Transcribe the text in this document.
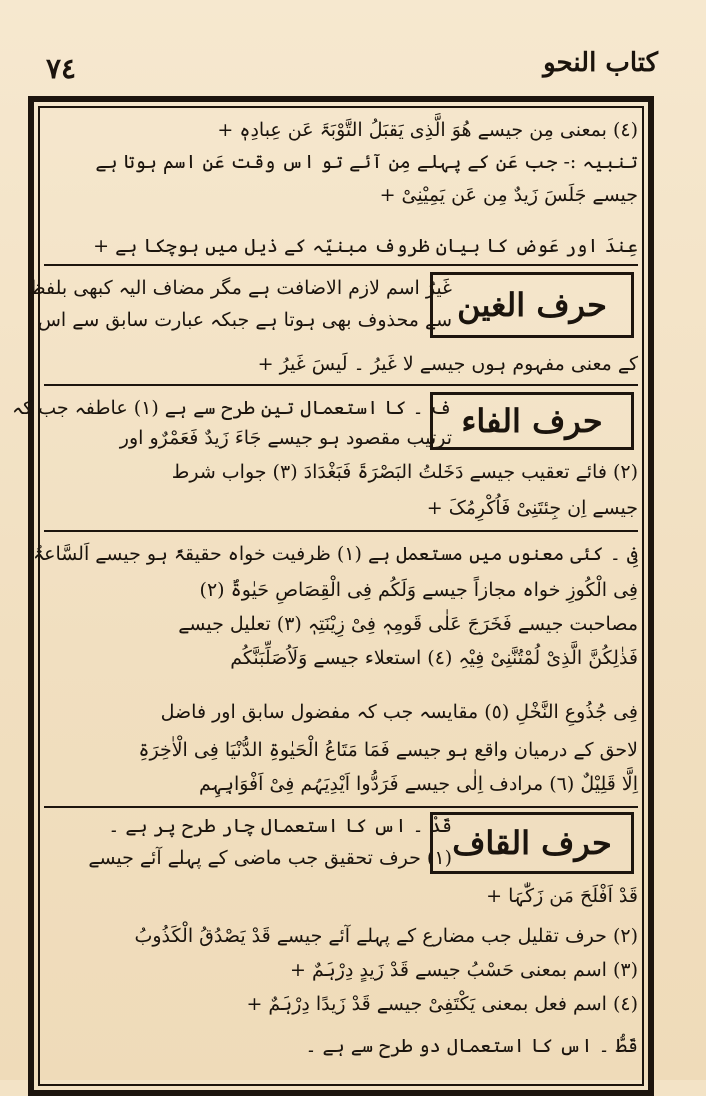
كتاب النحو
٧٤
(٤) بمعنی مِن جیسے هُوَ الَّذِی یَقبَلُ التَّوْبَۃَ عَن عِبادِہٖ +
تنبیہ :- جب عَن کے پہلے مِن آئے تو اس وقت عَن اسم ہوتا ہے
جیسے جَلَسَ زَیدٌ مِن عَن یَمِیْنِیْ +
عِندَ اور عَوض کا بیان ظروف مبنیّہ کے ذیل میں ہوچکا ہے +
حرف الغین
غَیرُ اسم لازم الاضافت ہے مگر مضاف الیہ کبھی بلفظ
سے محذوف بھی ہوتا ہے جبکہ عبارت سابق سے اس
کے معنی مفہوم ہوں جیسے لا غَیرُ ۔ لَیسَ غَیرُ +
حرف الفاء
ف ۔ کا استعمال تین طرح سے ہے (١) عاطفہ جب کہ
ترتیب مقصود ہو جیسے جَاءَ زَیدٌ فَعَمْرٌو اور
(٢) فائے تعقیب جیسے دَخَلتُ البَصْرَۃَ فَبَغْدَادَ (٣) جواب شرط
جیسے اِن جِئتَنِیْ فَاُکْرِمُکَ +
فِی ۔ کئی معنوں میں مستعمل ہے (١) ظرفیت خواہ حقیقۃً ہو جیسے اَلسَّاعۃُ
فِی الْکُوزِ خواہ مجازاً جیسے وَلَکُم فِی الْقِصَاصِ حَیٰوۃٌ (٢)
مصاحبت جیسے فَخَرَجَ عَلٰی قَومِہٖ فِیْ زِیْنَتِہٖ (٣) تعلیل جیسے
فَذٰلِکُنَّ الَّذِیْ لُمْتُنَّنِیْ فِیْہِ (٤) استعلاء جیسے وَلَاُصَلِّبَنَّکُم
فِی جُذُوعِ النَّخْلِ (٥) مقایسہ جب کہ مفضول سابق اور فاضل
لاحق کے درمیان واقع ہو جیسے فَمَا مَتَاعُ الْحَیٰوۃِ الدُّنْیَا فِی الْاٰخِرَۃِ
اِلَّا قَلِیْلٌ (٦) مرادف اِلٰی جیسے فَرَدُّوا اَیْدِیَہُم فِیْ اَفْوَاہِہِم
حرف القاف
قَدْ ۔ اس کا استعمال چار طرح پر ہے ۔
(١) حرف تحقیق جب ماضی کے پہلے آئے جیسے
قَدْ اَفْلَحَ مَن زَکّٰہَا +
(٢) حرف تقلیل جب مضارع کے پہلے آئے جیسے قَدْ یَصْدُقُ الْکَذُوبُ
(٣) اسم بمعنی حَسْبُ جیسے قَدْ زَیدٍ دِرْہَمٌ +
(٤) اسم فعل بمعنی یَکْتَفِیْ جیسے قَدْ زَیدًا دِرْہَمٌ +
قَطُّ ۔ اس کا استعمال دو طرح سے ہے ۔
